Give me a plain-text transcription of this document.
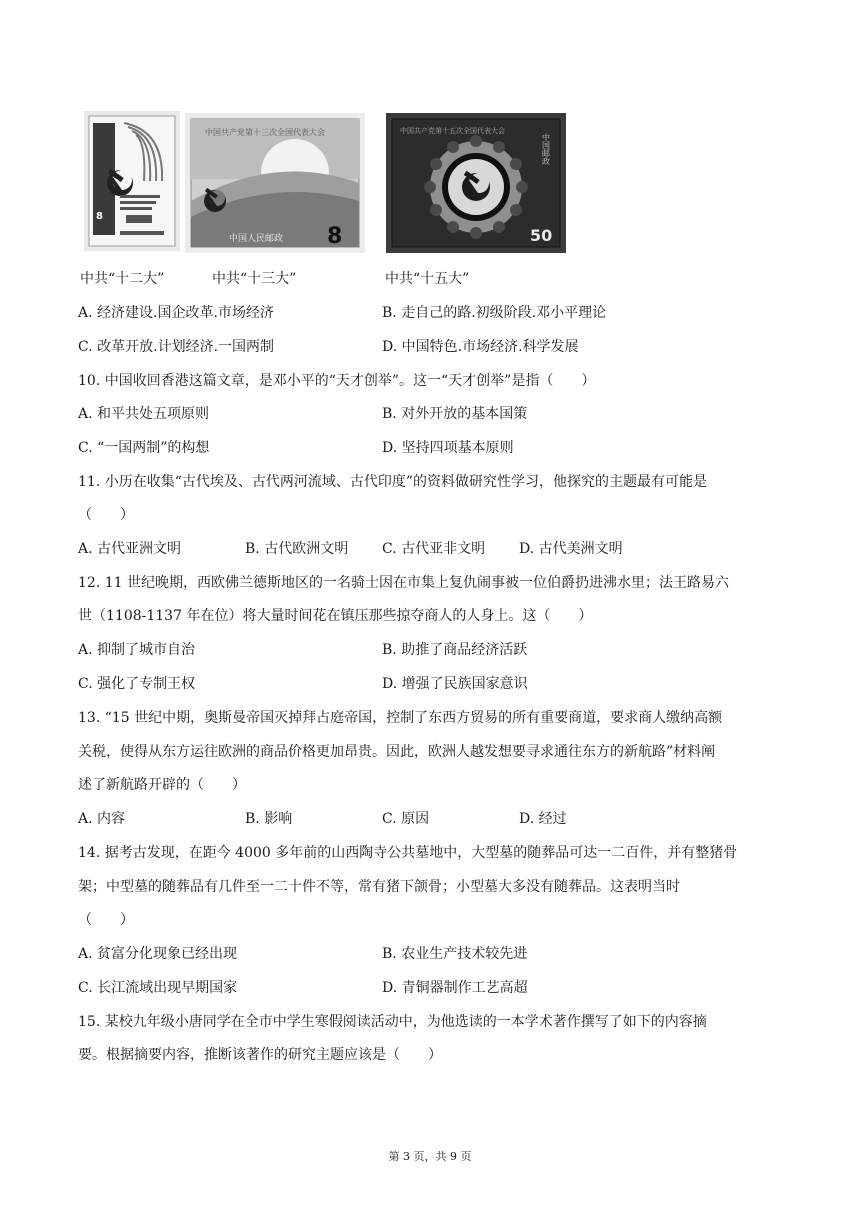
8
中国共产党第十三次全国代表大会
中国人民邮政 8
中国共产党第十五次全国代表大会
中国邮政
50
中共“十二大”	中共“十三大”	中共“十五大”
A. 经济建设.国企改革.市场经济	B. 走自己的路.初级阶段.邓小平理论
C. 改革开放.计划经济.一国两制	D. 中国特色.市场经济.科学发展
10. 中国收回香港这篇文章，是邓小平的“天才创举”。这一“天才创举”是指（　　）
A. 和平共处五项原则	B. 对外开放的基本国策
C. “一国两制”的构想	D. 坚持四项基本原则
11. 小历在收集“古代埃及、古代两河流域、古代印度”的资料做研究性学习，他探究的主题最有可能是
（　　）
A. 古代亚洲文明	B. 古代欧洲文明 C. 古代亚非文明 D. 古代美洲文明
12. 11 世纪晚期，西欧佛兰德斯地区的一名骑士因在市集上复仇闹事被一位伯爵扔进沸水里；法王路易六
世（1108-1137 年在位）将大量时间花在镇压那些掠夺商人的人身上。这（　　）
A. 抑制了城市自治	B. 助推了商品经济活跃
C. 强化了专制王权	D. 增强了民族国家意识
13. “15 世纪中期，奥斯曼帝国灭掉拜占庭帝国，控制了东西方贸易的所有重要商道，要求商人缴纳高额
关税，使得从东方运往欧洲的商品价格更加昂贵。因此，欧洲人越发想要寻求通往东方的新航路”材料阐
述了新航路开辟的（　　）
A. 内容	B. 影响	C. 原因	D. 经过
14. 据考古发现，在距今 4000 多年前的山西陶寺公共墓地中，大型墓的随葬品可达一二百件，并有整猪骨
架；中型墓的随葬品有几件至一二十件不等，常有猪下颌骨；小型墓大多没有随葬品。这表明当时
（　　）
A. 贫富分化现象已经出现	B. 农业生产技术较先进
C. 长江流域出现早期国家	D. 青铜器制作工艺高超
15. 某校九年级小唐同学在全市中学生寒假阅读活动中，为他选读的一本学术著作撰写了如下的内容摘
要。根据摘要内容，推断该著作的研究主题应该是（　　）
第 3 页，共 9 页
